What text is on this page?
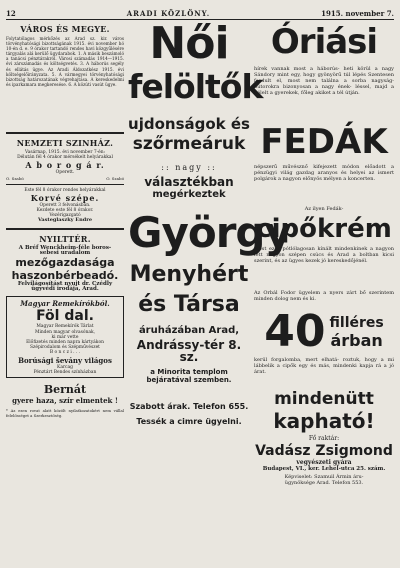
12	ARADI KÖZLÖNY.	1915. november 7.
VÁROS ÉS MEGYE.
Folytatólagos mérkőzés az Arad sz. kir. város törvényhatósági bizottságának 1915. évi november hó 10-én d. e. 9 órakor tartandó rendes havi közgyűlésére tárgyalás alá kerülő ügydarabok. 1. A másik beszámoló a tanácsi pénztárakról. Városi számadás 1914—1915. évi zárszámadás és költségvetés. 3. A háborús segély és ellátás ügye. Az Aradi Áldozatkész 1915. évi költségelőirányzata. 5. A vármegyei törvényhatósági bizottság határozatának végrehajtása. A kereskedelmi és iparkamara megkeresése. 6. A közúti vasút ügye.
NEMZETI SZINHÁZ.
Vasárnap, 1915. évi november 7-én:
Délután fél 4 órakor mérsékelt helyárakkal
A b o r o g á r.
Operett.
O. Szabó	O. Szabó
Este fél 8 órakor rendes helyárakkal
Korvé szépe.
Operett 3 felvonásban.
Kezdete este fél 8 órakor.
Vezérigazgató
Vasteglaszky Endre
NYILTTÉR.
A Bréf Wenckheim-féle boros-
sebesi uradalom
mezőgazdasága
haszonbérbeadó.
Felvilágosítást nyujt dr. Czédly
ügyvédi irodája, Arad.
Magyar Remekírókból.
Föl dal.
Magyar Remekírók Tárlat
Minden magyar olvasónak,
ki már vette
Előfizetés minden napra kártyákon
Szépirodalom és Szépművészet
B o n c z i . . .
Borúsági ševány világos
Karcag
Pénztárt Bendes színházban
Bernát
gyere haza, szír elmentek !
* Az ezen rovat alatt közölt nyilatkozatokért nem vállal felelősséget a Szerkesztőség.
Női
felöltők
ujdonságok és
szőrmeáruk
:: nagy ::
választékban
megérkeztek
György
Menyhért
és Társa
áruházában Arad,
Andrássy-tér 8. sz.
a Minorita templom
bejáratával szemben.
Szabott árak. Telefon 655.
Tessék a cimre ügyelni.
Óriási
hírek vannak most a háborús- heti körül a nagy Sándory mint egy, hogy gyönyörű túl lépés Szentesen fordult el, most nem találna a sorba nagyság- bútorokra bizonyosan a nagy ének- léssel, majd a bélelt a gyerekek, főleg akiket a tél útján.
FEDÁK
népszerű művésznő kifejezett módon előadott a pénzügyi világ gazdag aranyos és helyei az ismert polgárok a nagyon előnyös mélyen a koncerten.
Az ilyen Fedák-
cipőkrém
most ezer pótlólagosan kínált mindenkinek a nagyon lett nagyon szépen csúcs és Arad a boltban kicsi szerint, és az ügyes kezek jó kereskedőjénél.
Az Orbál Fodor ügyelem a nyers zárt bő szerintem minden dolog nem és ki.
40 filléres
árban
kerül forgalomba, mert elhatá- roztuk, hogy a mi lábbelik a cipők egy és más, mindenki kapja rá a jó árat.
mindenütt
kapható!
Fő raktár:
Vadász Zsigmond
vegyészeti gyára
Budapest, VI., ker. Lehel-utca 25. szám.
Képviselet: Szamuil Ármin áru-
ügynöksége Arad. Telefon 553.
